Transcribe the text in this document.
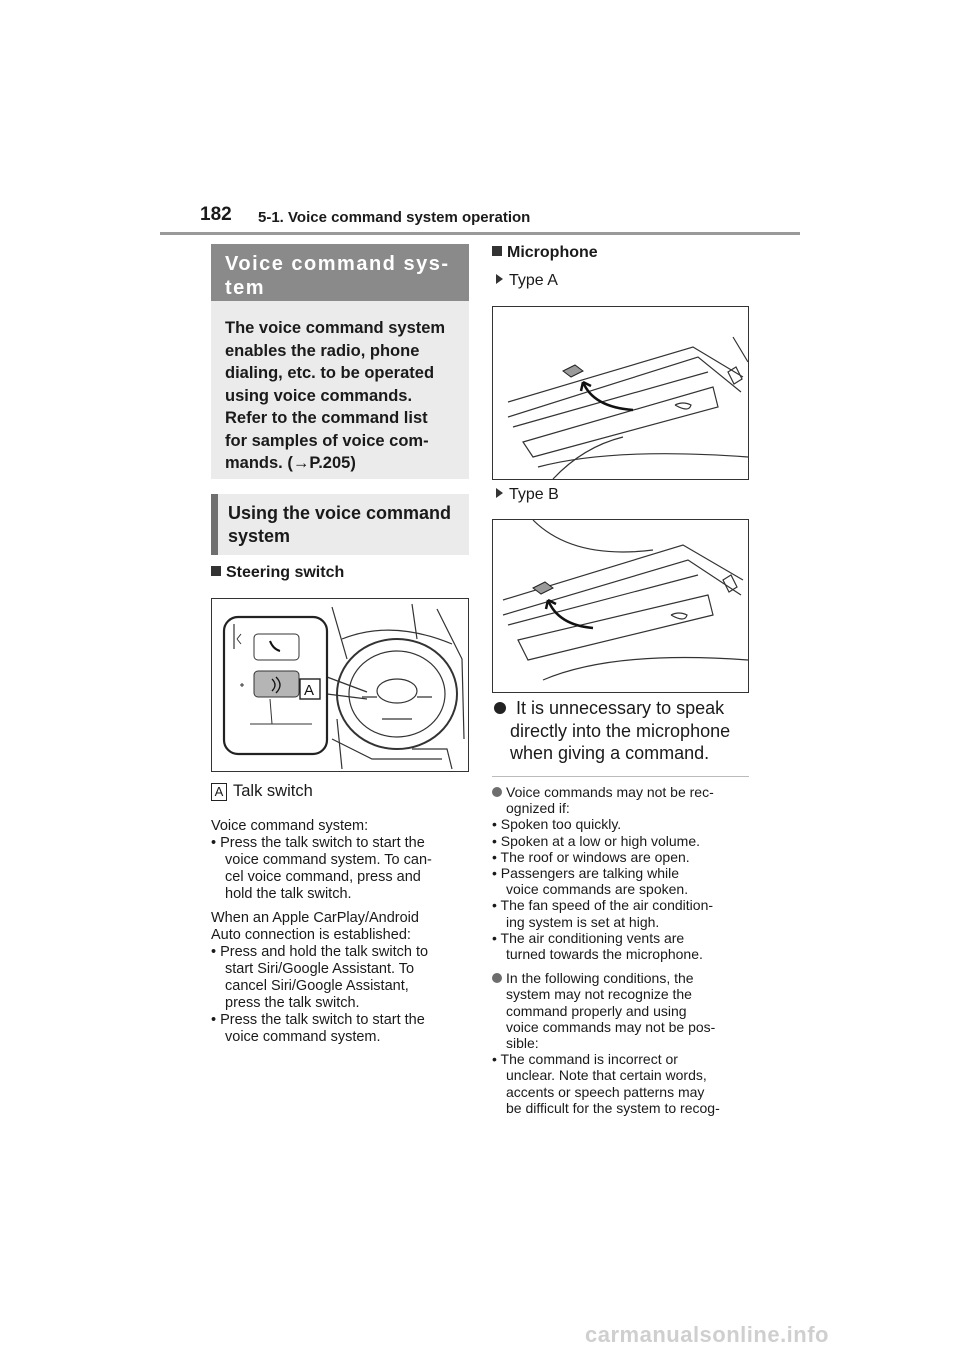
182 5-1. Voice command system operation
Voice command sys-
tem
The voice command system
enables the radio, phone
dialing, etc. to be operated
using voice commands.
Refer to the command list
for samples of voice com-
mands. (→P.205)
Using the voice command
system
Steering switch
A
A Talk switch
Voice command system:
• Press the talk switch to start the
voice command system. To can-
cel voice command, press and
hold the talk switch.
When an Apple CarPlay/Android
Auto connection is established:
• Press and hold the talk switch to
start Siri/Google Assistant. To
cancel Siri/Google Assistant,
press the talk switch.
• Press the talk switch to start the
voice command system.
Microphone
Type A
Type B
It is unnecessary to speak
directly into the microphone
when giving a command.
Voice commands may not be rec-
ognized if:
• Spoken too quickly.
• Spoken at a low or high volume.
• The roof or windows are open.
• Passengers are talking while
voice commands are spoken.
• The fan speed of the air condition-
ing system is set at high.
• The air conditioning vents are
turned towards the microphone.
In the following conditions, the
system may not recognize the
command properly and using
voice commands may not be pos-
sible:
• The command is incorrect or
unclear. Note that certain words,
accents or speech patterns may
be difficult for the system to recog-
carmanualsonline.info
